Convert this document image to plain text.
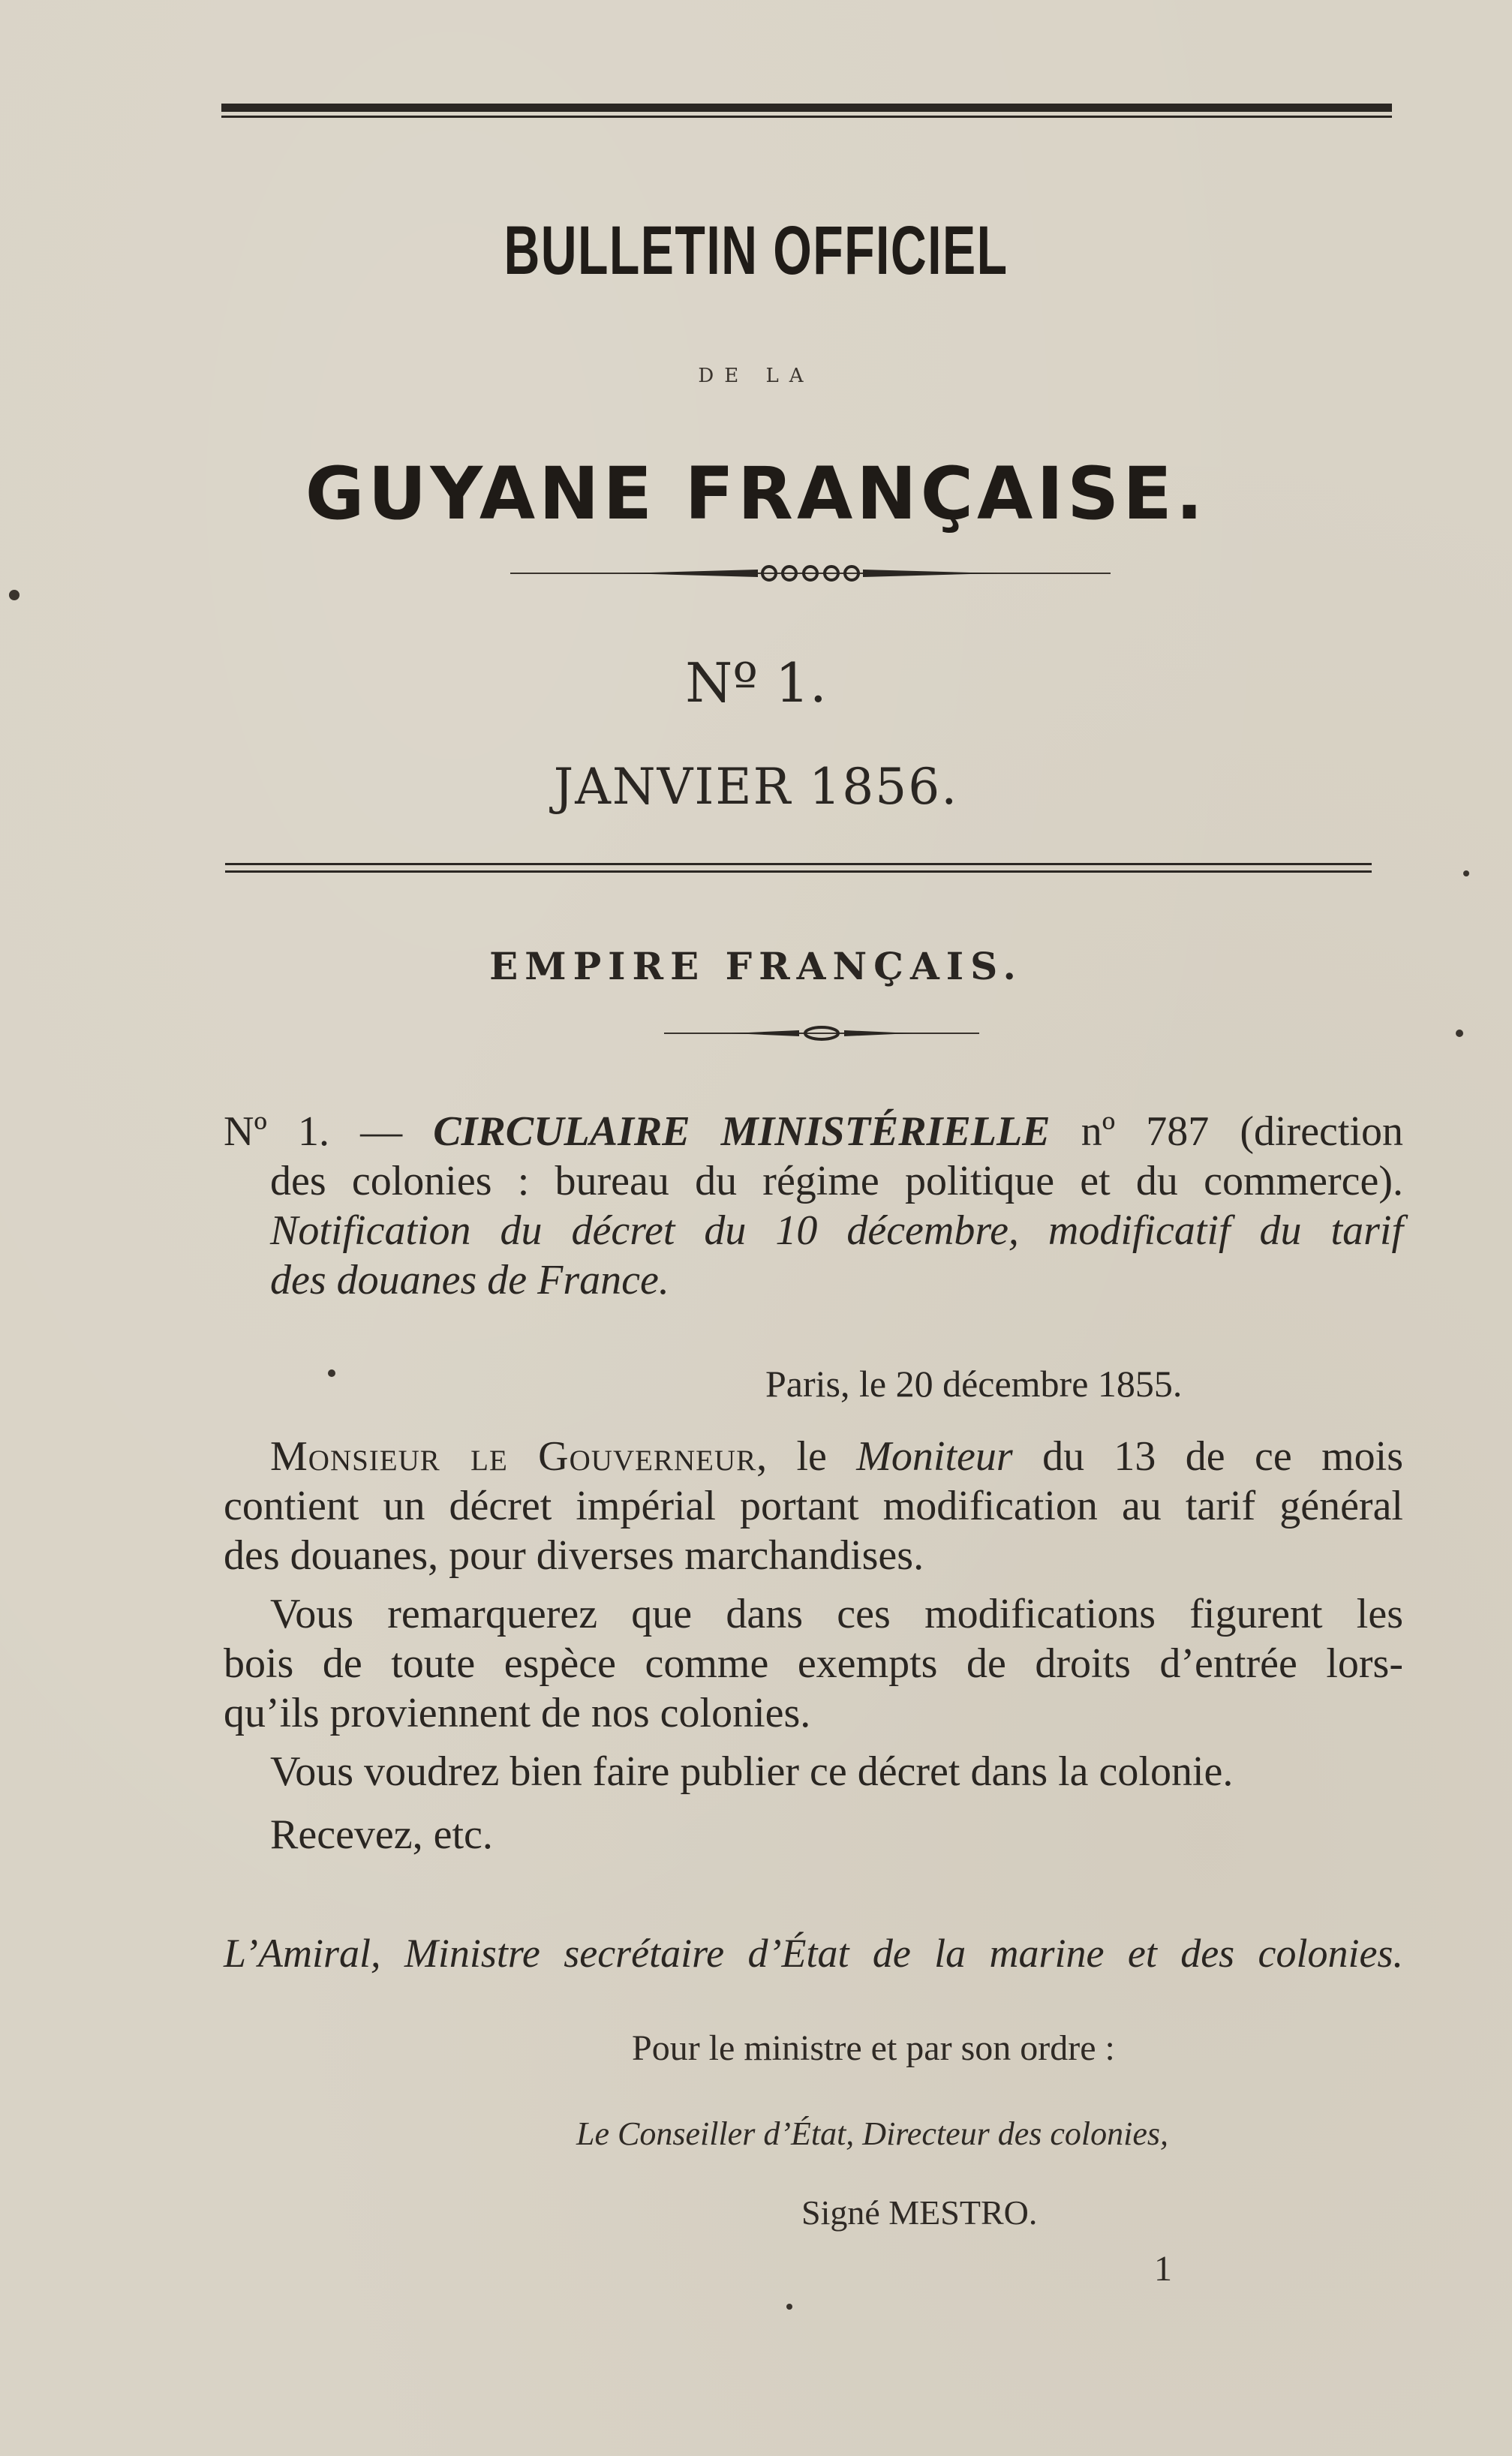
BULLETIN OFFICIEL
DE LA
GUYANE FRANÇAISE.
Nº 1.
JANVIER 1856.
EMPIRE FRANÇAIS.
Nº 1. — CIRCULAIRE MINISTÉRIELLE nº 787 (direction
des colonies : bureau du régime politique et du commerce).
Notification du décret du 10 décembre, modificatif du tarif
des douanes de France.
Paris, le 20 décembre 1855.
Monsieur le Gouverneur, le Moniteur du 13 de ce mois
contient un décret impérial portant modification au tarif général
des douanes, pour diverses marchandises.
Vous remarquerez que dans ces modifications figurent les
bois de toute espèce comme exempts de droits d’entrée lors-
qu’ils proviennent de nos colonies.
Vous voudrez bien faire publier ce décret dans la colonie.
Recevez, etc.
L’Amiral, Ministre secrétaire d’État de la marine et des colonies.
Pour le ministre et par son ordre :
Le Conseiller d’État, Directeur des colonies,
Signé MESTRO.
1
